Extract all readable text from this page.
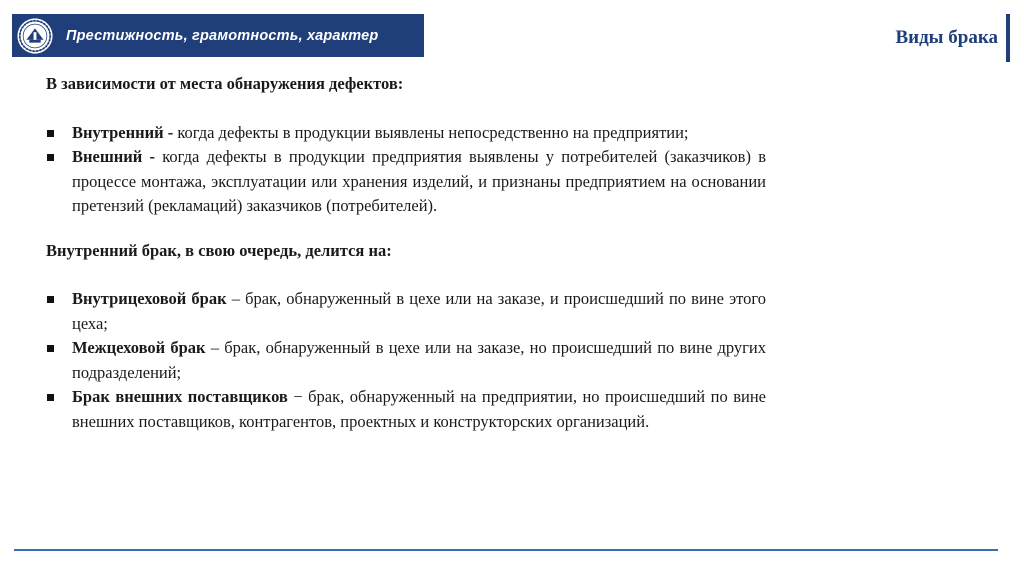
Престижность, грамотность, характер	Виды брака

В зависимости от места обнаружения дефектов:

Внутренний - когда дефекты в продукции выявлены непосредственно на предприятии;
Внешний - когда дефекты в продукции предприятия выявлены у потребителей (заказчиков) в процессе монтажа, эксплуатации или хранения изделий, и признаны предприятием на основании претензий (рекламаций) заказчиков (потребителей).

Внутренний брак, в свою очередь, делится на:

Внутрицеховой брак – брак, обнаруженный в цехе или на заказе, и происшедший по вине этого цеха;
Межцеховой брак – брак, обнаруженный в цехе или на заказе, но происшедший по вине других подразделений;
Брак внешних поставщиков − брак, обнаруженный на предприятии, но происшедший по вине внешних поставщиков, контрагентов, проектных и конструкторских организаций.
